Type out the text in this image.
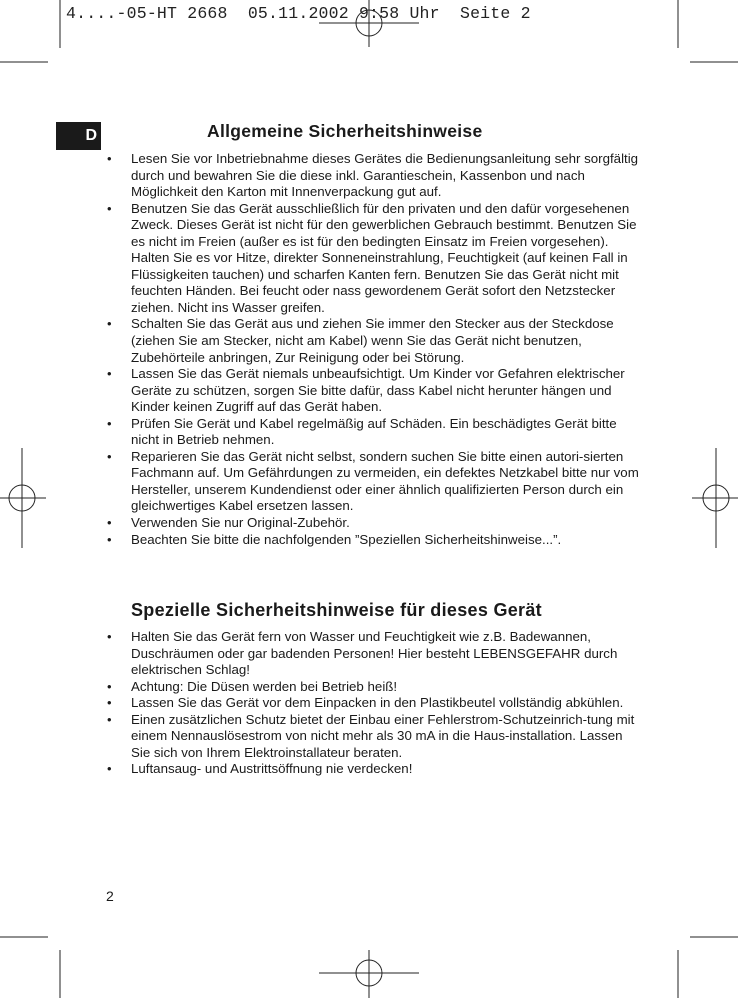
4....-05-HT 2668  05.11.2002 9:58 Uhr  Seite 2
D	Allgemeine Sicherheitshinweise
•	Lesen Sie vor Inbetriebnahme dieses Gerätes die Bedienungsanleitung sehr sorgfältig durch und bewahren Sie die diese inkl. Garantieschein, Kassenbon und nach Möglichkeit den Karton mit Innenverpackung gut auf.
•	Benutzen Sie das Gerät ausschließlich für den privaten und den dafür vorgesehenen Zweck. Dieses Gerät ist nicht für den gewerblichen Gebrauch bestimmt. Benutzen Sie es nicht im Freien (außer es ist für den bedingten Einsatz im Freien vorgesehen). Halten Sie es vor Hitze, direkter Sonneneinstrahlung, Feuchtigkeit (auf keinen Fall in Flüssigkeiten tauchen) und scharfen Kanten fern. Benutzen Sie das Gerät nicht mit feuchten Händen. Bei feucht oder nass gewordenem Gerät sofort den Netzstecker ziehen. Nicht ins Wasser greifen.
•	Schalten Sie das Gerät aus und ziehen Sie immer den Stecker aus der Steckdose (ziehen Sie am Stecker, nicht am Kabel) wenn Sie das Gerät nicht benutzen, Zubehörteile anbringen, Zur Reinigung oder bei Störung.
•	Lassen Sie das Gerät niemals unbeaufsichtigt. Um Kinder vor Gefahren elektrischer Geräte zu schützen, sorgen Sie bitte dafür, dass Kabel nicht herunter hängen und Kinder keinen Zugriff auf das Gerät haben.
•	Prüfen Sie Gerät und Kabel regelmäßig auf Schäden. Ein beschädigtes Gerät bitte nicht in Betrieb nehmen.
•	Reparieren Sie das Gerät nicht selbst, sondern suchen Sie bitte einen autori-sierten Fachmann auf. Um Gefährdungen zu vermeiden, ein defektes Netzkabel bitte nur vom Hersteller, unserem Kundendienst oder einer ähnlich qualifizierten Person durch ein gleichwertiges Kabel ersetzen lassen.
•	Verwenden Sie nur Original-Zubehör.
•	Beachten Sie bitte die nachfolgenden ”Speziellen Sicherheitshinweise...”.
Spezielle Sicherheitshinweise für dieses Gerät
•	Halten Sie das Gerät fern von Wasser und Feuchtigkeit wie z.B. Badewannen, Duschräumen oder gar badenden Personen! Hier besteht LEBENSGEFAHR durch elektrischen Schlag!
•	Achtung: Die Düsen werden bei Betrieb heiß!
•	Lassen Sie das Gerät vor dem Einpacken in den Plastikbeutel vollständig abkühlen.
•	Einen zusätzlichen Schutz bietet der Einbau einer Fehlerstrom-Schutzeinrich-tung mit einem Nennauslösestrom von nicht mehr als 30 mA in die Haus-installation. Lassen Sie sich von Ihrem Elektroinstallateur beraten.
•	Luftansaug- und Austrittsöffnung nie verdecken!
2
